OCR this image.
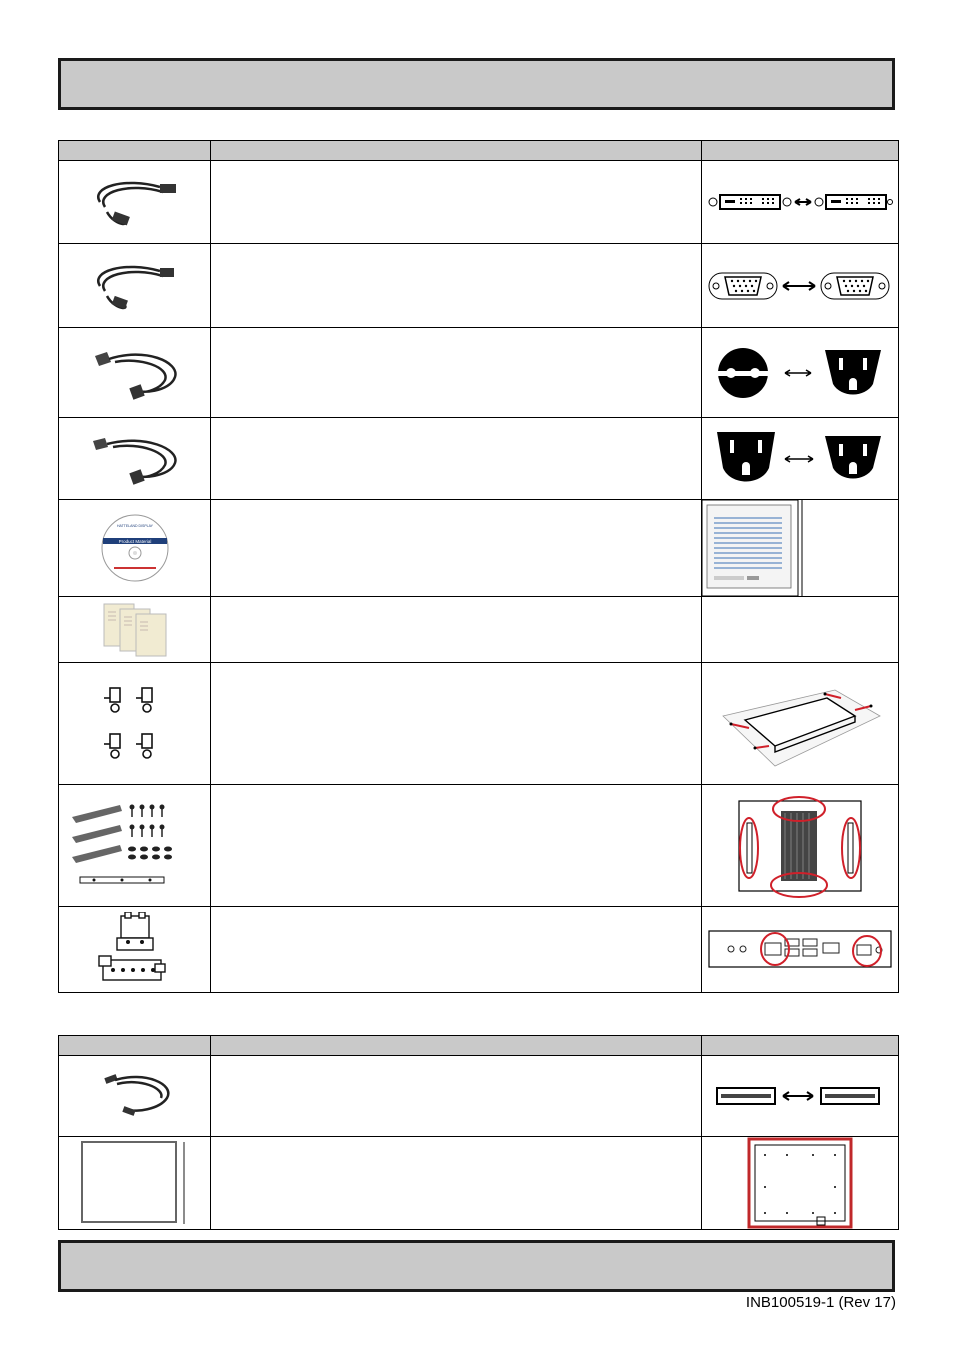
Product Material
HATTELAND DISPLAY

INB100519-1 (Rev 17)
